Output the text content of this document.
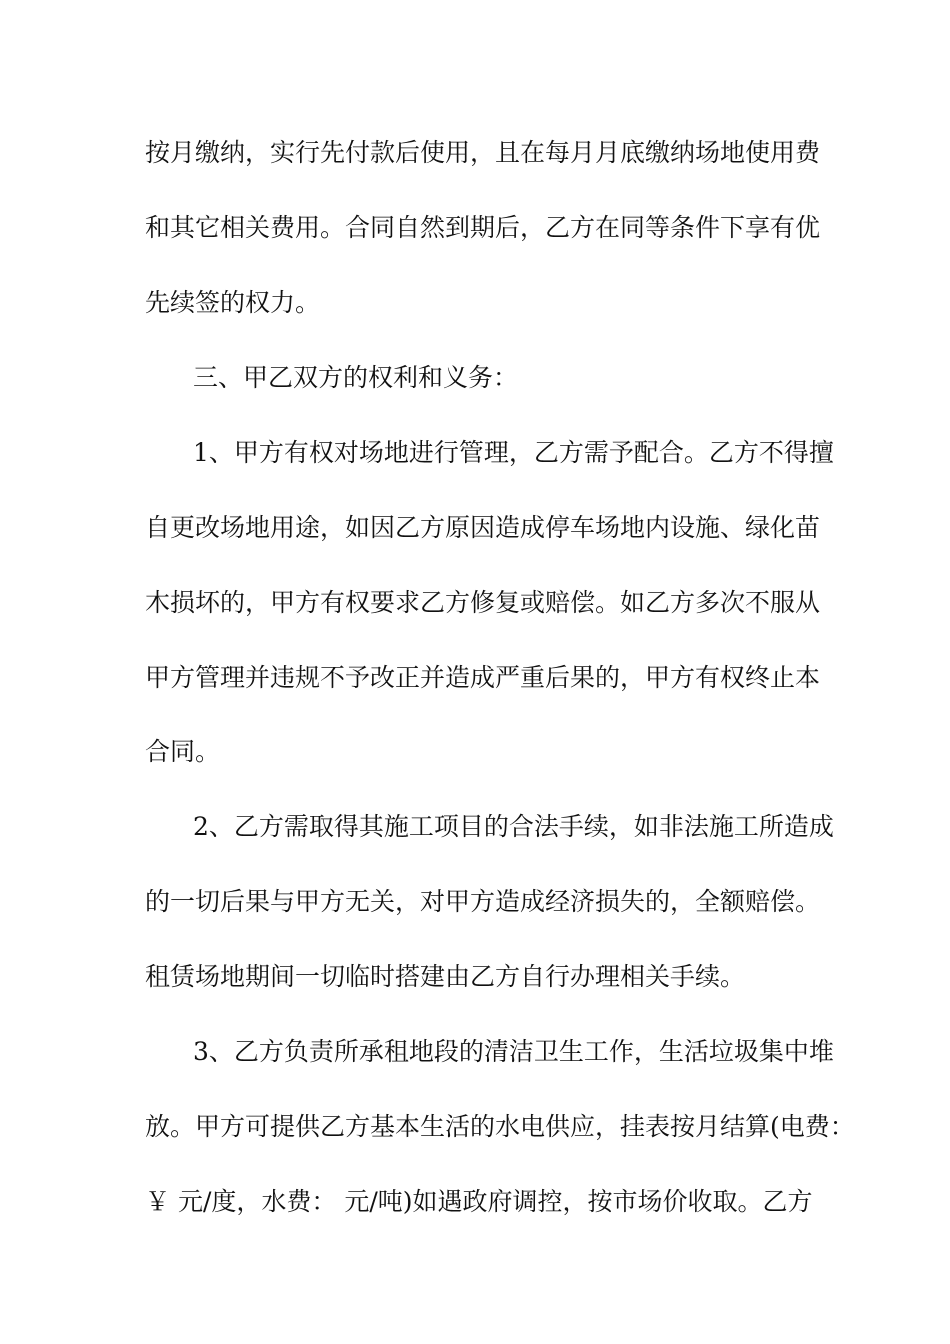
按月缴纳，实行先付款后使用，且在每月月底缴纳场地使用费
和其它相关费用。合同自然到期后，乙方在同等条件下享有优
先续签的权力。
三、甲乙双方的权利和义务：
1、甲方有权对场地进行管理，乙方需予配合。乙方不得擅
自更改场地用途，如因乙方原因造成停车场地内设施、绿化苗
木损坏的，甲方有权要求乙方修复或赔偿。如乙方多次不服从
甲方管理并违规不予改正并造成严重后果的，甲方有权终止本
合同。
2、乙方需取得其施工项目的合法手续，如非法施工所造成
的一切后果与甲方无关，对甲方造成经济损失的，全额赔偿。
租赁场地期间一切临时搭建由乙方自行办理相关手续。
3、乙方负责所承租地段的清洁卫生工作，生活垃圾集中堆
放。甲方可提供乙方基本生活的水电供应，挂表按月结算(电费：
￥ 元/度，水费： 元/吨)如遇政府调控，按市场价收取。乙方
